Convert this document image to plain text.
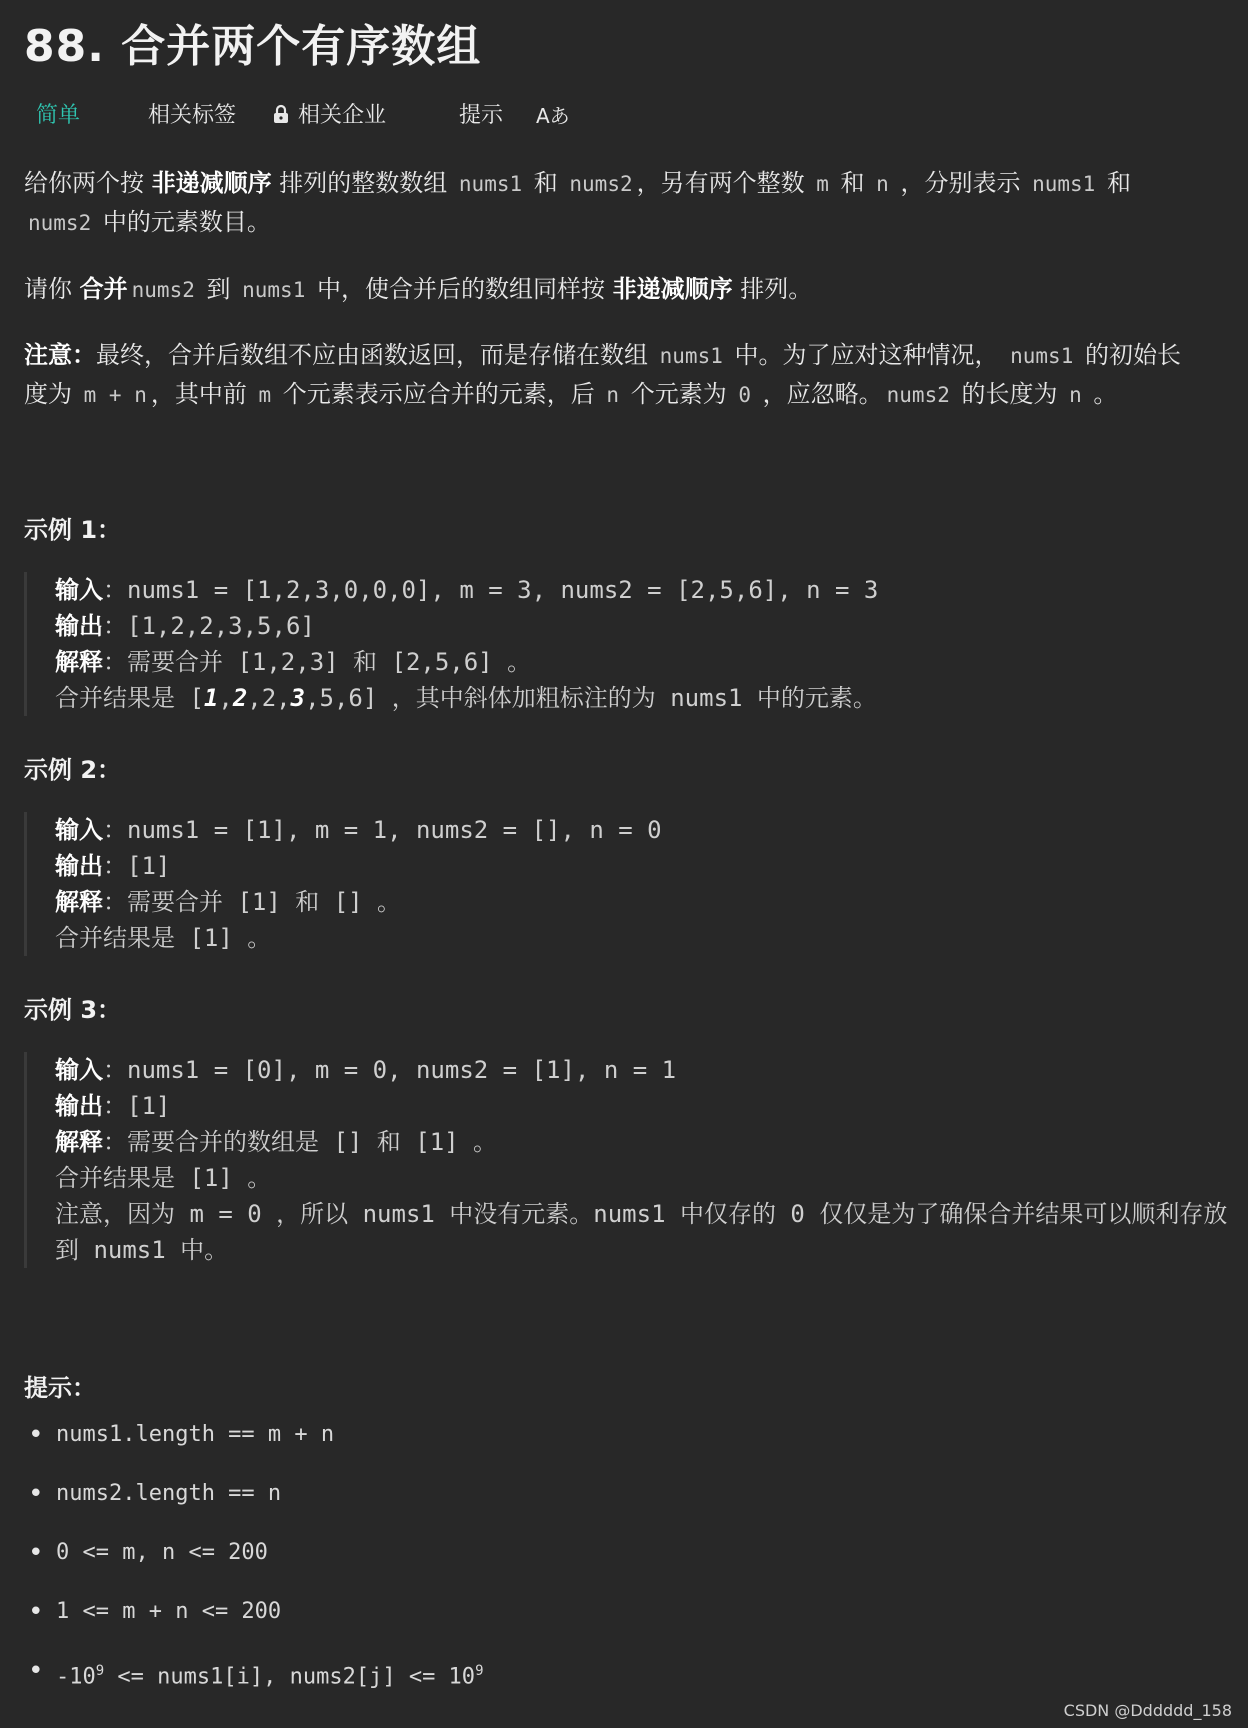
88. 合并两个有序数组
简单	相关标签	相关企业	提示 Aあ
给你两个按 非递减顺序 排列的整数数组 nums1 和 nums2 ，另有两个整数 m 和 n ，分别表示 nums1 和
nums2 中的元素数目。
请你 合并 nums2 到 nums1 中，使合并后的数组同样按 非递减顺序 排列。
注意：最终，合并后数组不应由函数返回，而是存储在数组 nums1 中。为了应对这种情况， nums1 的初始长度为 m + n ，其中前 m 个元素表示应合并的元素，后 n 个元素为 0 ，应忽略。 nums2 的长度为 n 。
示例 1：
输入：nums1 = [1,2,3,0,0,0], m = 3, nums2 = [2,5,6], n = 3
输出：[1,2,2,3,5,6]
解释：需要合并 [1,2,3] 和 [2,5,6] 。
合并结果是 [1,2,2,3,5,6] ，其中斜体加粗标注的为 nums1 中的元素。
示例 2：
输入：nums1 = [1], m = 1, nums2 = [], n = 0
输出：[1]
解释：需要合并 [1] 和 [] 。
合并结果是 [1] 。
示例 3：
输入：nums1 = [0], m = 0, nums2 = [1], n = 1
输出：[1]
解释：需要合并的数组是 [] 和 [1] 。
合并结果是 [1] 。
注意，因为 m = 0 ，所以 nums1 中没有元素。nums1 中仅存的 0 仅仅是为了确保合并结果可以顺利存放到 nums1 中。
提示：
• nums1.length == m + n
• nums2.length == n
• 0 <= m, n <= 200
• 1 <= m + n <= 200
• $-10^9$ <= nums1[i], nums2[j] <= $10^9$
CSDN @Dddddd_158
